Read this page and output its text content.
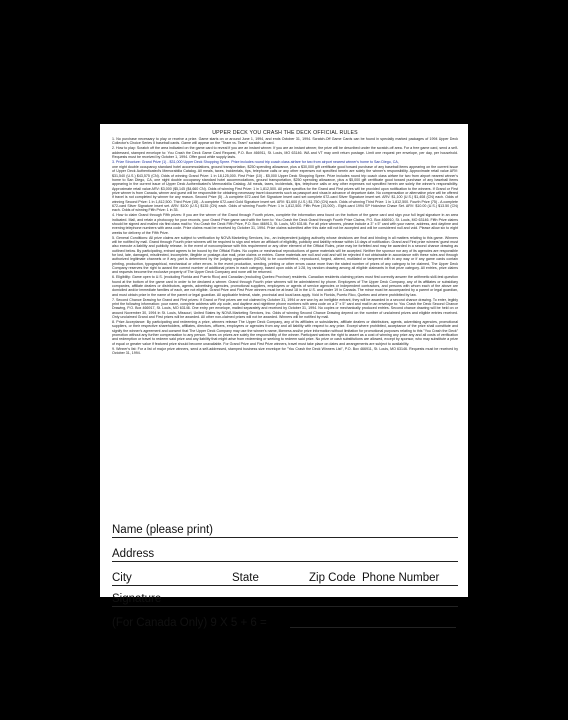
UPPER DECK YOU CRASH THE DECK OFFICIAL RULES

1. No purchase necessary to play or receive a prize. Game starts on or around June 1, 1994, and ends October 31, 1994. Scratch-Off Game Cards can be found in specially marked packages of 1994 Upper Deck Collector's Choice Series II baseball cards. Game will appear on the "Team vs. Team" scratch-off card.

2. How to play: Scratch off the area indicated on the game card to reveal if you are an instant winner. If you are an instant winner, the prize will be described under the scratch-off area. For a free game card, send a self-addressed, stamped envelope to: You Crash the Deck Game Card Request, P.O. Box 466911, St. Louis, MO 63146. WA and VT may omit return postage. Limit one request per envelope, per day, per household. Requests must be received by October 1, 1994. Offer good while supply lasts.

3. Prize Structure: Grand Prize (1) - $31,000 Upper Deck Shopping Spree. Prize includes round trip coach class airfare for two from airport nearest winner's home to San Diego, CA,

one night double occupancy standard hotel accommodations, ground transportation, $250 spending allowance, plus a $30,000 gift certificate good toward purchase of any baseball items appearing on the current issue of Upper Deck Authenticated's Memorabilia Catalog. All meals, taxes, incidentals, tips, telephone calls or any other expenses not specified herein are solely the winner's responsibility. Approximate retail value ARV: $31,540 (U.S.) $43,575 (CN). Odds of winning Grand Prize: 1 in 18,125,000. First Prize (10) - $5,000 Upper Deck Shopping Spree. Prize includes round trip coach class airfare for two from airport nearest winner's home to San Diego, CA, one night double occupancy standard hotel accommodations, ground transportation, $250 spending allowance, plus a $5,000 gift certificate good toward purchase of any baseball items appearing in the current issue of Upper Deck Authenticated's Memorabilia Catalog. All meals, taxes, incidentals, tips, telephone calls or any other expenses not specified herein are solely the winner's responsibility. Approximate retail value ARV: $3,000 ($5,145 ($4,660 CN). Odds of winning First Prize: 1 in 1,812,500. All prize specifics for the Grand and First prizes will be provided upon notification to the winners. If Grand or First prize winner is from Canada, winner and guest will be responsible for obtaining necessary travel documents such as passport and visas in advance of departure date. No compensation or alternative prize will be offered if travel is not completed by winner for any reason. Second Prize (5) - A complete 672-card Set Signature Insert card set complete 672-card Silver Signature insert set. ARV: $1,100 (U.S.) $1,408 (CN) each. Odds of winning Second Prize: 1 in 1,812,500. Third Prize (15) - A complete 672-card Gold Signature insert set. ARV: $1,600 (U.S.) $1,750 (CN) each. Odds of winning Third Prize: 1 in 1,812,500. Fourth Prize (75) - A complete 672-card Silver Signature insert set. ARV: $100 (U.S.) $135 (CN) each. Odds of winning Fourth Prize: 1 in 1,812,500. Fifth Prize (15,000) - Eight-card 1994 SP Holoview Chase Set. ARV: $10.00 (U.S.) $13.50 (CN) each. Odds of winning Fifth Prize: 1 in 35.

4. How to claim Grand through Fifth prizes: If you are the winner of the Grand through Fourth prizes, complete the information area found on the bottom of the game card and sign your full legal signature in an area indicated. Mail, and retain a photocopy for your records, your Grand Prize game card with the form to: You Crash the Deck Grand through Fourth Prize Claims, P.O. Box 466910, St. Louis, MO 63146. Fifth Prize claims should be signed and mailed via first class mail to: You Crash the Deck Fifth Prize, P.O. Box 466913, St. Louis, MO 63146. For all prize winners, please include a 3" x 5" card with your name, address, and daytime and evening telephone numbers with area code. Prize claims must be received by October 31, 1994. Prize claims submitted after this date will not be accepted and will be considered null and void. Please allow six to eight weeks for delivery of the Fifth Prize.

5. General Conditions: All prize claims are subject to verification by NOVA Marketing Services, Inc., an independent judging authority whose decisions are final and binding in all matters relating to this game. Winners will be notified by mail. Grand through Fourth prize winners will be required to sign and return an affidavit of eligibility, publicity and liability release within 14 days of notification. Grand and First prize winners' guest must also execute a liability and publicity release. In the event of noncompliance with this requirement or any other element of the Official Rules, prize may be forfeited and may be awarded in a second chance drawing as outlined below. By participating, entrant agrees to be bound by the Official Rules. No copies or mechanical reproductions of game materials will be accepted. Neither the sponsor nor any of its agencies are responsible for lost, late, damaged, misdirected, incomplete, illegible or postage-due mail, prize claims or entries. Game materials are null and void and will be rejected if not obtainable in accordance with these rules and through authorized legitimate channels or if any part is determined by the judging organization (NOVA) to be counterfeited, reproduced, forged, altered, mutilated or tampered with in any way or if any game cards contain printing, production, typographical, mechanical or other errors. In the event production, seeding, printing or other errors cause more than the stated number of prizes of any category to be claimed, The Upper Deck Company reserves the right to award the correct number of additional prizes in each category, based upon odds of 1:28, by random drawing among all eligible claimants in that prize category. All entries, prize claims and requests become the exclusive property of The Upper Deck Company and none will be returned.

6. Eligibility: Game open to U.S. (excluding Florida and Puerto Rico) and Canadian (excluding Quebec Province) residents. Canadian residents claiming prizes must first correctly answer the arithmetic skill-test question found at the bottom of the game card in order to be declared a winner. Grand through Fourth prize winners will be administered by phone. Employees of The Upper Deck Company, any of its affiliates or subsidiary companies, affiliate dealers or distributors, agents, advertising agencies, promotional suppliers, employees or agents of service agencies or independent contractors, and persons with whom each of the above are domiciled and/or immediate families of each, are not eligible. Grand Prize and First Prize winners must be at least 18 in the U.S. and under 19 in Canada. The minor must be accompanied by a parent or legal guardian, and must obtain prize in the name of the parent or legal guardian. All applicable federal, state, provincial and local laws apply. Void in Florida, Puerto Rico, Quebec and where prohibited by law.

7. Second Chance Drawing for Grand and First prizes: If Grand or First prizes are not claimed by October 31, 1994 or are won by an ineligible entrant, they will be awarded in a second chance drawing. To enter, legibly print the following information: your name, complete address with zip code, and daytime and nighttime phone numbers with area code on a 3" x 5" card and mail in an envelope to: You Crash the Deck Second Chance Drawing, P.O. Box 466917, St. Louis, MO 63146. One entry per envelope, mailed separately and received by October 31, 1994. No copies or mechanically produced entries. Second chance drawing will be held on or around November 30, 1994 in St. Louis, Missouri, United States by NOVA Marketing Services, Inc. Odds of winning Second Chance Drawing depend on the number of unclaimed prizes and eligible entries received. Only unclaimed Grand and First prizes will be awarded. All other non-claimed prizes will not be awarded. Winners will be notified by mail.

8. Prize Acceptance: By participating and redeeming a prize, winners release The Upper Deck Company, any of its affiliates or subsidiaries, affiliate dealers or distributors, agents, advertising agencies, promotional suppliers, or their respective shareholders, affiliates, directors, officers, employees or agencies from any and all liability with respect to any prize. Except where prohibited, acceptance of the prize shall constitute and signify the winner's agreement and consent that The Upper Deck Company may use the winner's name, likeness and/or prize information without limitation for promotional purposes relating to this "You Crash the Deck" promotion without any further compensation to any person. Taxes on prizes are solely the responsibility of the winner. Participant waives the right to assert as a cost of winning any prize any and all costs of verification and redemption or travel to redeem said prize and any liability that might arise from redeeming or seeking to redeem said prize. No prize or cash substitutions are allowed, except by sponsor, who may substitute a prize of equal or greater value if featured prize should become unavailable. For Grand Prize and First Prize winners, travel must take place on dates and arrangements are subject to availability.

9. Winner's list: For a list of major prize winners, send a self-addressed, stamped business size envelope for "You Crash the Deck Winners List", P.O. Box 466911, St. Louis, MO 63146. Requests must be received by October 31, 1994.

Name (please print)
Address
City	State	Zip Code Phone Number
Signature
(For Canada Only) 9 X 5 + 6 =
